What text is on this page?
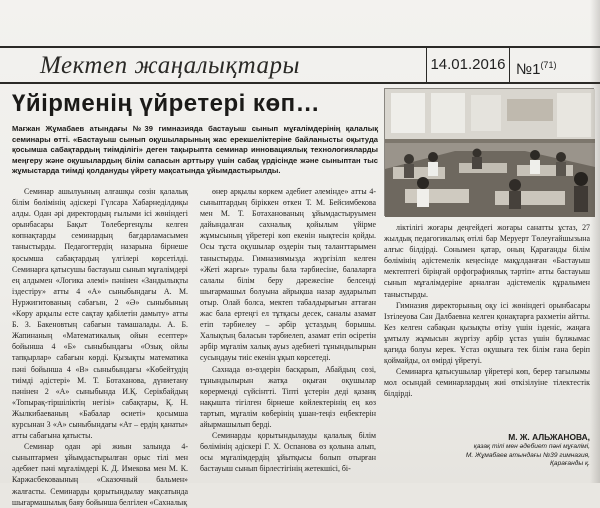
Мектеп жаңалықтары	14.01.2016 №1$^{(71)}$
Үйірменің үйретері көп…
Мағжан Жұмабаев атындағы №39 гимназияда бастауыш сынып мұғалімдерінің қалалық семинары өтті. «Бастауыш сынып оқушыларының жас ерекшеліктеріне байланысты оқытуда қосымша сабақтардың тиімділігі» деген тақырыпта семинар инновациялық технологияларды меңгеру және оқушылардың білім сапасын арттыру үшін сабақ үрдісінде және сыныптан тыс жұмыстарда тиімді қолдануды үйрету мақсатында ұйымдастырылды.

Семинар ашылуының алғашқы сөзін қалалық білім бөлімінің әдіскері Гүлсара Хабарнеділдиқы алды. Одан әрі директордың ғылыми ісі жөніндегі орынбасары Бақыт Төлеберғенұлы келген көпнақтарды семинардың бағдарламасымен таныстырды. Педагогтердің назарына бірнеше қосымша сабақтардың үлгілері көрсетілді. Семинарға қатысушы бастауыш сынып мұғалімдері ең алдымен «Логика әлемі» пәнінен «Зандылықты іздестіру» атты 4 «А» сыныбындағы А. М. Нуржигитованың сабағын, 2 «Ә» сыныбының «Көру арқылы есте сақтау қабілетін дамыту» атты Б. З. Бакеновтың сабағын тамашалады. А. Б. Жапинаның «Математикалық ойын есептер» бойынша 4 «Б» сыныбындағы «Озық ойлы тапқырлар» сабағын көрді. Қызықты математика пәні бойынша 4 «В» сыныбындағы «Көбейтудің тиімді әдістері» М. Т. Ботаханова, дүниетану пәнінен 2 «А» сыныбында И.Қ. Серікбайдың «Топырақ-тіршіліктің негізі» сабақтары, Қ. Н. Жылкибаеваның «Бабалар өсиеті» қосымша курсынан 3 «А» сыныбындағы «Ат – ердің қанаты» атты сабағына қатысты.

Семинар одан әрі жиын залында 4-сыныптармен ұйымдастырылған орыс тілі мен әдебиет пәні мұғалімдері К. Д. Имекова мен М. К. Каржасбековаының «Сказочный бальмен» жалғасты. Семинарды қорытындылау мақсатында шығармашылық баяу бойынша белгілен «Сахналық

өнер арқылы көркем әдебиет әлеміндe» атты 4-сыныптардың біріккен өткен Т. М. Бейсимбекова мен М. Т. Ботаханованың ұйымдастыруымен дайындалған сахналық қойылым үйірме жұмысының үйретері көп екенін нықтесін қойды. Осы тұста оқушылар өздерін тың таланттарымен таныстырды. Гимназиямызда жүргізілп келген «Жеті жарғы» туралы бала тәрбиесіне, балаларға салалы білім беру дәрежесіне белсенді шығармашыл болуына айрықша назар аударылып отыр. Олай болса, мектеп табалдырығын аттаған жас бала ертеңгі ел тұтқасы десек, саналы азамат етіп тәрбиелеу – әрбір ұстаздың борышы. Халықтың баласын тәрбиелеп, азамат етіп өсіретін әрбір мұғалім халық ауыз әдебиеті тұнындылырын сусындауы тиіс екенін ұқып көрсетеді.

Сахнада өз-өздерін басқарып, Абайдың сөзі, тұнындылырын жатқа оқыған оқушылар көрерменді сүйсінтті. Тіпті ұстерін деді қазанқ нақышта тігілген бірнеше көйлектерінің ең көз тартып, мұғалім көберінің ұшан-теңіз еңбектерін айырмашылып берді.

Семинарды қорытындылауды қалалық білім бөлімінің әдіскері Г. Х. Оспанова өз қолына алып, осы мұғалімдердің ұйытқысы болып отырған бастауыш сынып бірлестігінің жетекшісі, бі-

ліктілігі жоғары деңгейдегі жоғары санатты ұстаз, 27 жылдық педагогикалық өтілі бар Меруерт Төлеуғайшызына алғыс білдірді. Сонымен қатар, оның Қарағанды білім бөлімінің әдістемелік кеңесінде мақұлданған «Бастауыш мектептегі біріңғай орфографиялық тәртіп» атты бастауыш сынып мұғалімдеріне арналған әдістемелік құралымен таныстырды.

Гимназия директорының оқу ісі жөніндегі орынбасары Ізтілеуова Сан Далбаевна келген қонақтарға рахметін айтты. Кез келген сабақын қызықты өтізу үшін ізденіс, жаңаға ұмтылу жұмысын жүргізу арбір ұстаз үшін бұлжымас қағида болуы керек. Ұстаз оқушыға тек білім ғана беріп қоймайды, ол өмірді үйретуі.

Семинарға қатысушылар үйретері көп, берер тағылымы мол осындай семинарлардың жиі өткізілуіне тілектестік білдірді.

М. Ж. АЛЬЖАНОВА,
қазақ тілі мен әдебиет пәні мұғалімі,
М. Жұмабаев атындағы №39 гимназия,
Қарағанды қ.
